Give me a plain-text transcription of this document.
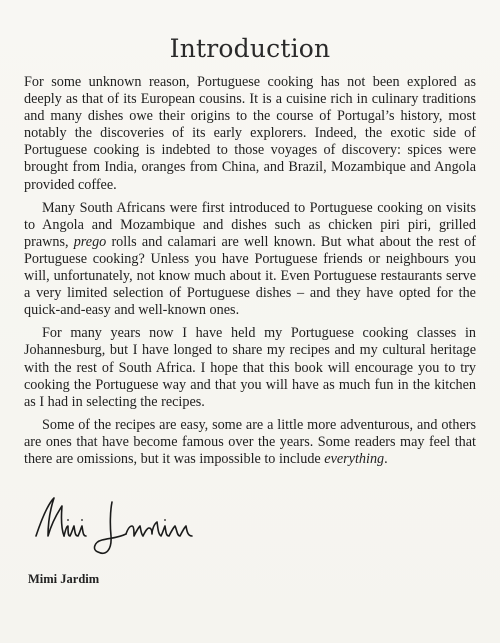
Introduction

For some unknown reason, Portuguese cooking has not been explored as deeply as that of its European cousins. It is a cuisine rich in culinary traditions and many dishes owe their origins to the course of Portugal’s history, most notably the discoveries of its early explorers. Indeed, the exotic side of Portuguese cooking is indebted to those voyages of discovery: spices were brought from India, oranges from China, and Brazil, Mozambique and Angola provided coffee.

Many South Africans were first introduced to Portuguese cooking on visits to Angola and Mozambique and dishes such as chicken piri piri, grilled prawns, prego rolls and calamari are well known. But what about the rest of Portuguese cooking? Unless you have Portuguese friends or neighbours you will, unfortunately, not know much about it. Even Portuguese restaurants serve a very limited selection of Portuguese dishes – and they have opted for the quick-and-easy and well-known ones.

For many years now I have held my Portuguese cooking classes in Johannesburg, but I have longed to share my recipes and my cultural heritage with the rest of South Africa. I hope that this book will encourage you to try cooking the Portuguese way and that you will have as much fun in the kitchen as I had in selecting the recipes.

Some of the recipes are easy, some are a little more adventurous, and others are ones that have become famous over the years. Some readers may feel that there are omissions, but it was impossible to include everything.

Mimi Jardim
